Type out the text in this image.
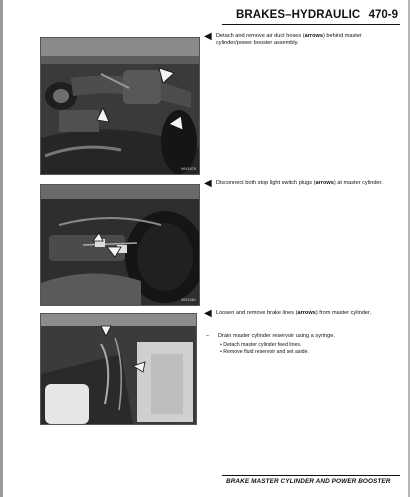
BRAKES–HYDRAULIC 470-9
0015479
◀ Detach and remove air duct hoses (arrows) behind master cylinder/power booster assembly.
0015481
◀ Disconnect both stop light switch plugs (arrows) at master cylinder.
0015483
◀ Loosen and remove brake lines (arrows) from master cylinder.
–	Drain master cylinder reservoir using a syringe.
• Detach master cylinder feed lines.
• Remove fluid reservoir and set aside.
BRAKE MASTER CYLINDER AND POWER BOOSTER
